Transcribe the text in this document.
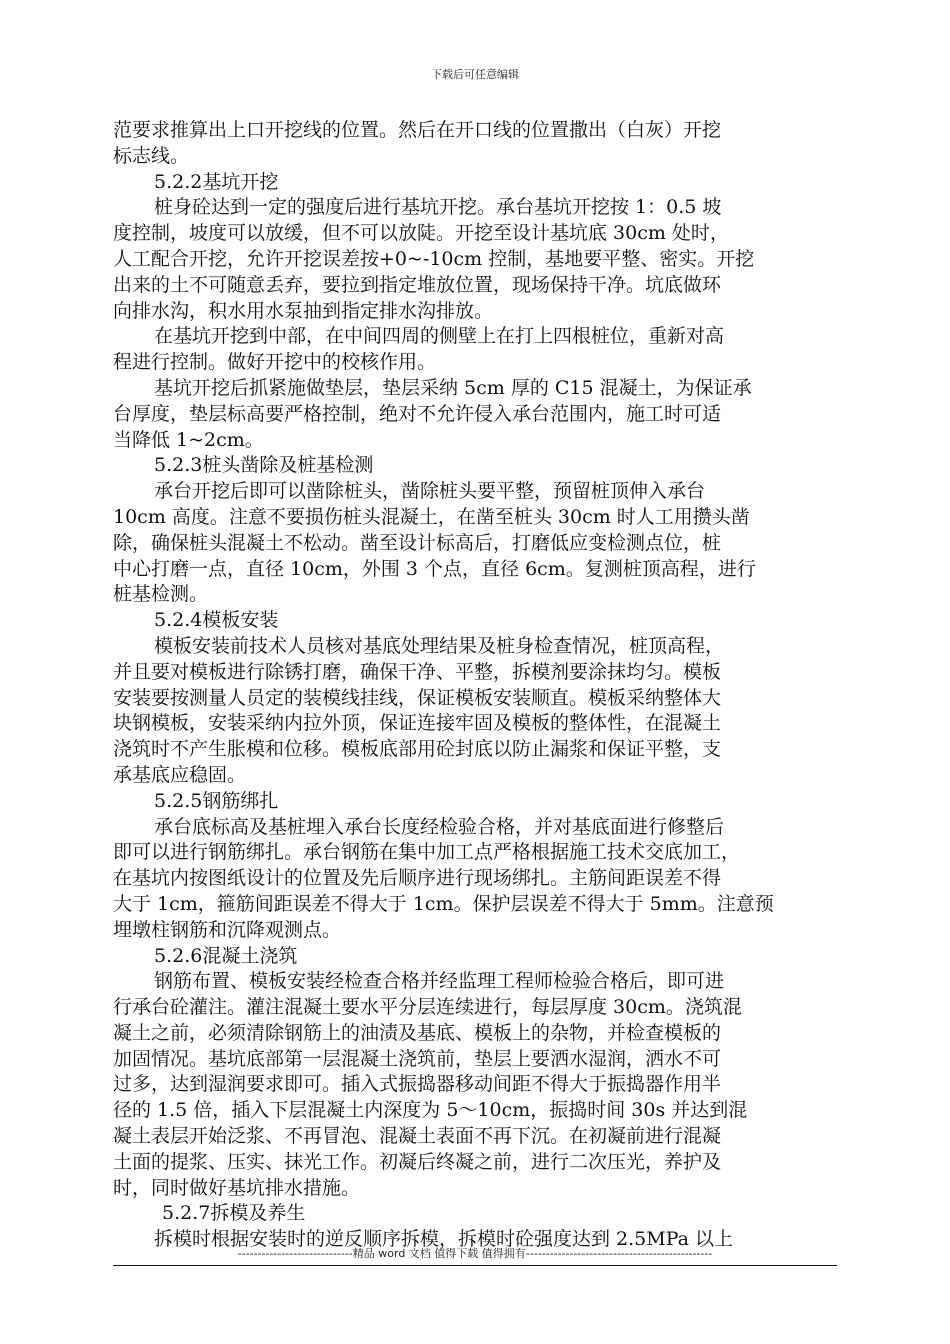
下载后可任意编辑
范要求推算出上口开挖线的位置。然后在开口线的位置撒出（白灰）开挖
标志线。
5.2.2基坑开挖
桩身砼达到一定的强度后进行基坑开挖。承台基坑开挖按 1：0.5 坡
度控制，坡度可以放缓，但不可以放陡。开挖至设计基坑底 30cm 处时，
人工配合开挖，允许开挖误差按+0~-10cm 控制，基地要平整、密实。开挖
出来的土不可随意丢弃，要拉到指定堆放位置，现场保持干净。坑底做环
向排水沟，积水用水泵抽到指定排水沟排放。
在基坑开挖到中部，在中间四周的侧壁上在打上四根桩位，重新对高
程进行控制。做好开挖中的校核作用。
基坑开挖后抓紧施做垫层，垫层采纳 5cm 厚的 C15 混凝土，为保证承
台厚度，垫层标高要严格控制，绝对不允许侵入承台范围内，施工时可适
当降低 1~2cm。
5.2.3桩头凿除及桩基检测
承台开挖后即可以凿除桩头，凿除桩头要平整，预留桩顶伸入承台
10cm 高度。注意不要损伤桩头混凝土，在凿至桩头 30cm 时人工用攒头凿
除，确保桩头混凝土不松动。凿至设计标高后，打磨低应变检测点位，桩
中心打磨一点，直径 10cm，外围 3 个点，直径 6cm。复测桩顶高程，进行
桩基检测。
5.2.4模板安装
模板安装前技术人员核对基底处理结果及桩身检查情况，桩顶高程，
并且要对模板进行除锈打磨，确保干净、平整，拆模剂要涂抹均匀。模板
安装要按测量人员定的装模线挂线，保证模板安装顺直。模板采纳整体大
块钢模板，安装采纳内拉外顶，保证连接牢固及模板的整体性，在混凝土
浇筑时不产生胀模和位移。模板底部用砼封底以防止漏浆和保证平整，支
承基底应稳固。
5.2.5钢筋绑扎
承台底标高及基桩埋入承台长度经检验合格，并对基底面进行修整后
即可以进行钢筋绑扎。承台钢筋在集中加工点严格根据施工技术交底加工，
在基坑内按图纸设计的位置及先后顺序进行现场绑扎。主筋间距误差不得
大于 1cm，箍筋间距误差不得大于 1cm。保护层误差不得大于 5mm。注意预
埋墩柱钢筋和沉降观测点。
5.2.6混凝土浇筑
钢筋布置、模板安装经检查合格并经监理工程师检验合格后，即可进
行承台砼灌注。灌注混凝土要水平分层连续进行，每层厚度 30cm。浇筑混
凝土之前，必须清除钢筋上的油渍及基底、模板上的杂物，并检查模板的
加固情况。基坑底部第一层混凝土浇筑前，垫层上要洒水湿润，洒水不可
过多，达到湿润要求即可。插入式振捣器移动间距不得大于振捣器作用半
径的 1.5 倍，插入下层混凝土内深度为 5～10cm，振捣时间 30s 并达到混
凝土表层开始泛浆、不再冒泡、混凝土表面不再下沉。在初凝前进行混凝
土面的提浆、压实、抹光工作。初凝后终凝之前，进行二次压光，养护及
时，同时做好基坑排水措施。
5.2.7拆模及养生
拆模时根据安装时的逆反顺序拆模，拆模时砼强度达到 2.5MPa 以上
-----------------------------精品 word 文档 值得下载 值得拥有-----------------------------------------------
